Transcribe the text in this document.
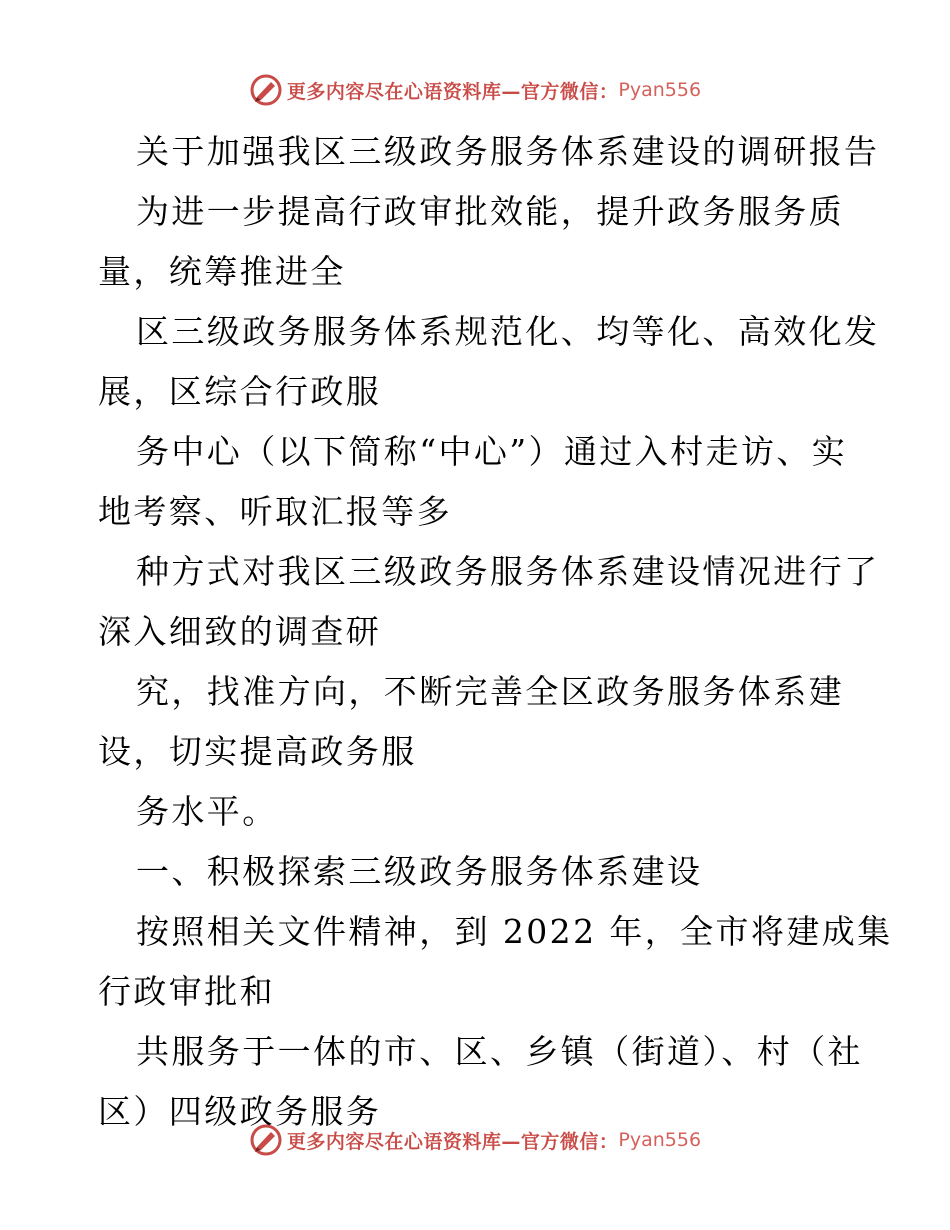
更多内容尽在心语资料库—官方微信： Pyan556
关于加强我区三级政务服务体系建设的调研报告
为进一步提高行政审批效能，提升政务服务质
量，统筹推进全
区三级政务服务体系规范化、均等化、高效化发
展，区综合行政服
务中心（以下简称“中心”）通过入村走访、实
地考察、听取汇报等多
种方式对我区三级政务服务体系建设情况进行了
深入细致的调查研
究，找准方向，不断完善全区政务服务体系建
设，切实提高政务服
务水平。
一、积极探索三级政务服务体系建设
按照相关文件精神，到 2022 年，全市将建成集
行政审批和
共服务于一体的市、区、乡镇（街道）、村（社
区）四级政务服务
更多内容尽在心语资料库—官方微信： Pyan556
